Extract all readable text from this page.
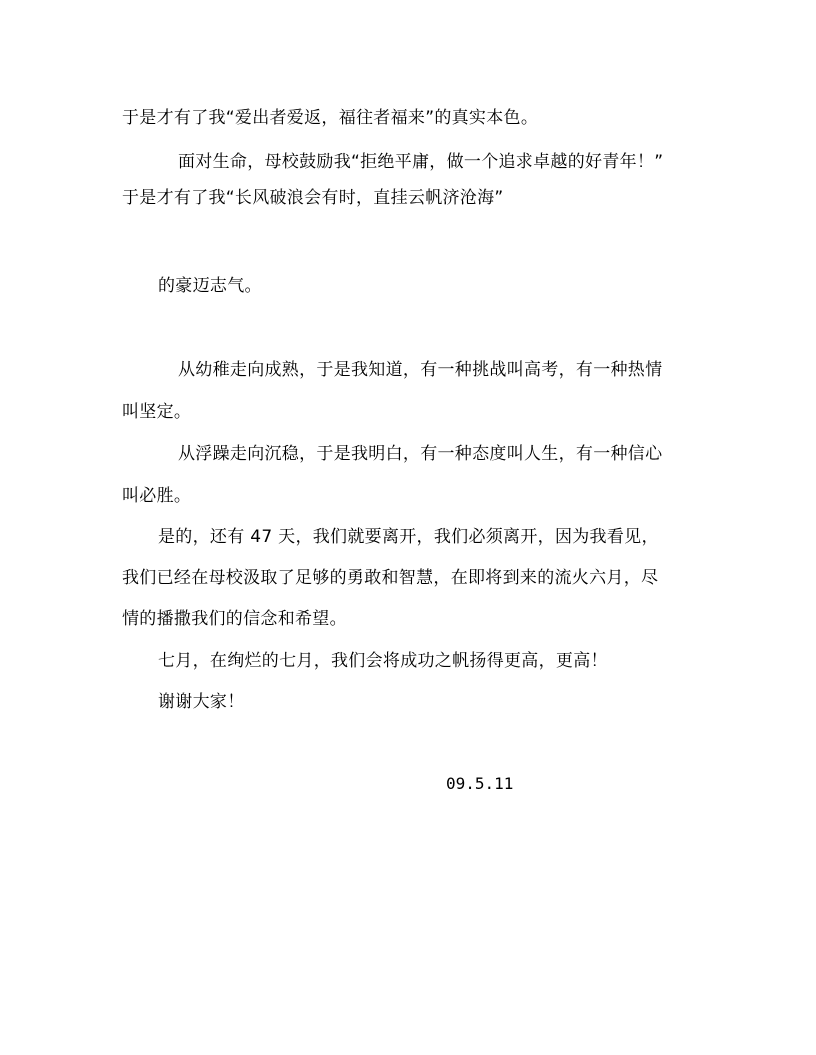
于是才有了我“爱出者爱返，福往者福来”的真实本色。
面对生命，母校鼓励我“拒绝平庸，做一个追求卓越的好青年！”
于是才有了我“长风破浪会有时，直挂云帆济沧海”
的豪迈志气。
从幼稚走向成熟，于是我知道，有一种挑战叫高考，有一种热情
叫坚定。
从浮躁走向沉稳，于是我明白，有一种态度叫人生，有一种信心
叫必胜。
是的，还有 47 天，我们就要离开，我们必须离开，因为我看见，
我们已经在母校汲取了足够的勇敢和智慧，在即将到来的流火六月，尽
情的播撒我们的信念和希望。
七月，在绚烂的七月，我们会将成功之帆扬得更高，更高！
谢谢大家！
09.5.11
